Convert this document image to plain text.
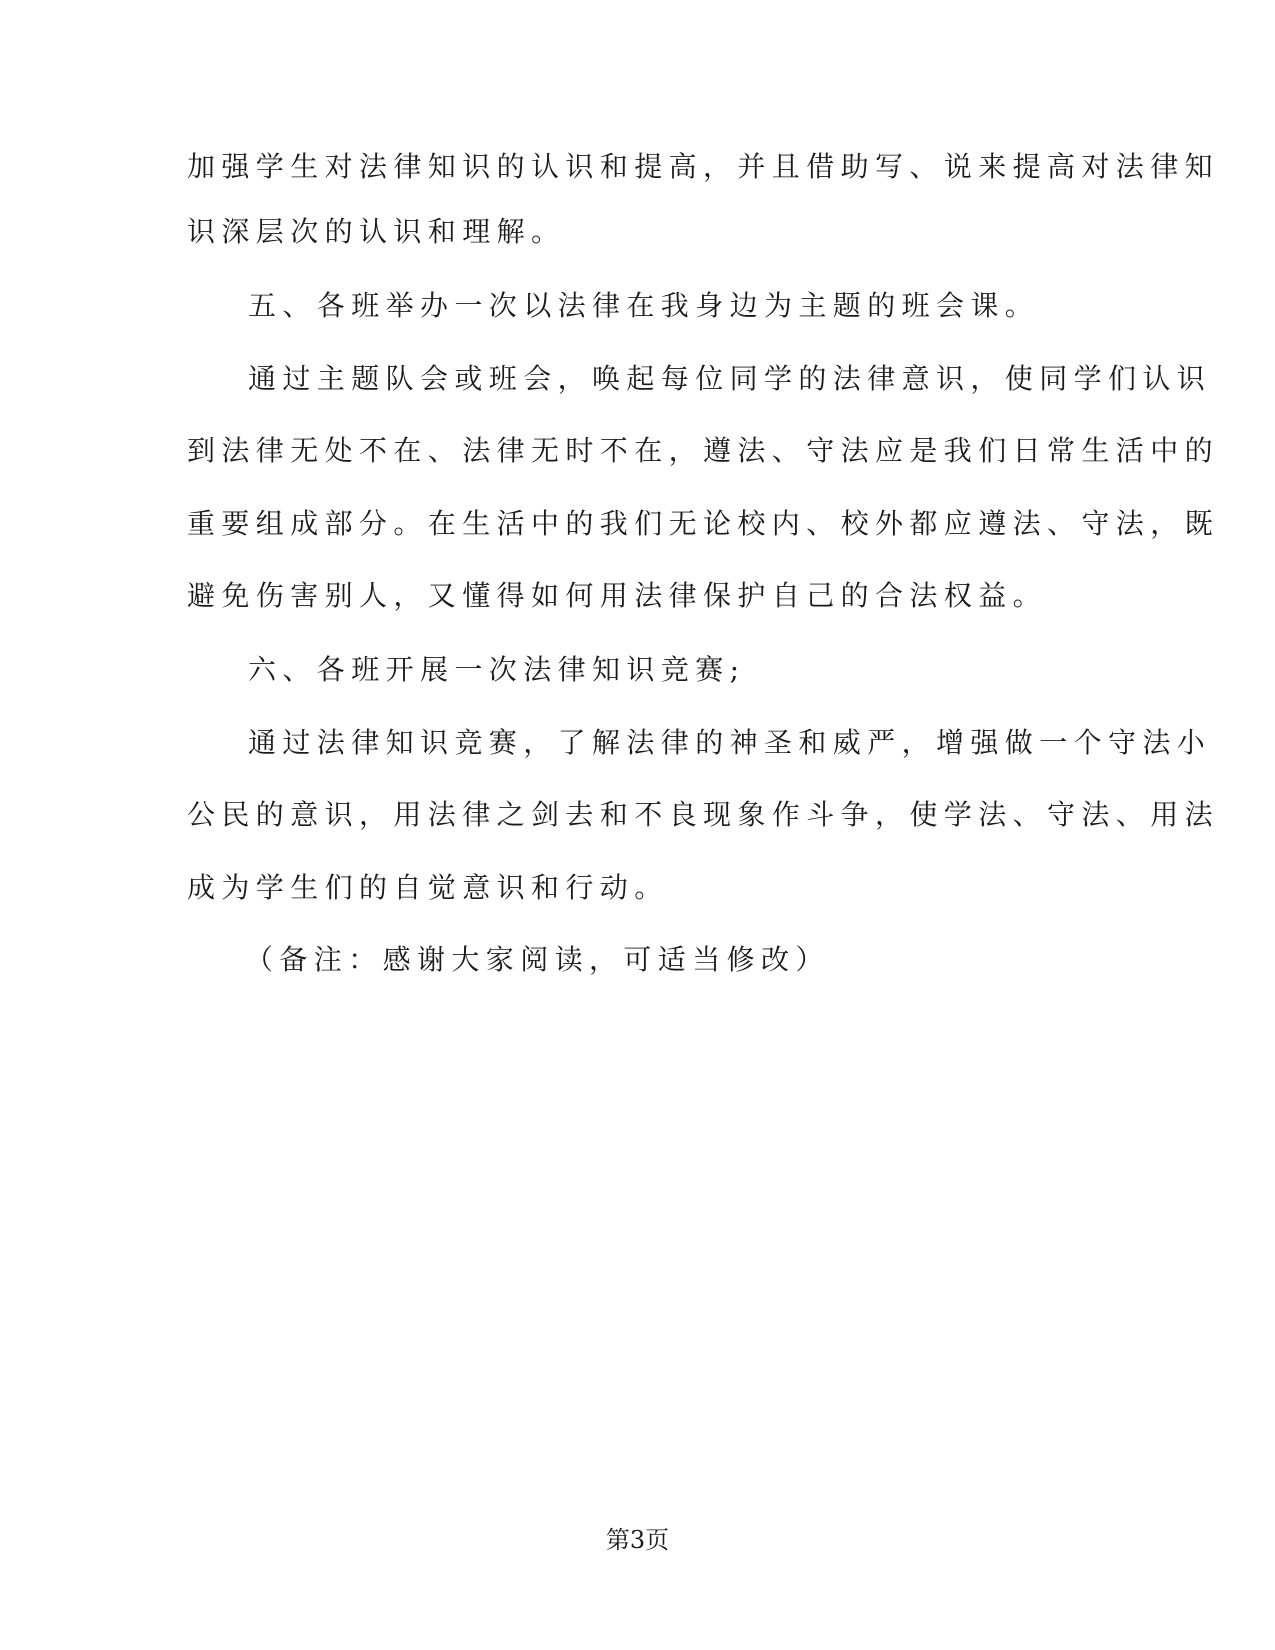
加强学生对法律知识的认识和提高，并且借助写、说来提高对法律知
识深层次的认识和理解。
五、各班举办一次以法律在我身边为主题的班会课。
通过主题队会或班会，唤起每位同学的法律意识，使同学们认识
到法律无处不在、法律无时不在，遵法、守法应是我们日常生活中的
重要组成部分。在生活中的我们无论校内、校外都应遵法、守法，既
避免伤害别人，又懂得如何用法律保护自己的合法权益。
六、各班开展一次法律知识竞赛;
通过法律知识竞赛，了解法律的神圣和威严，增强做一个守法小
公民的意识，用法律之剑去和不良现象作斗争，使学法、守法、用法
成为学生们的自觉意识和行动。
（备注：感谢大家阅读，可适当修改）
第3页
